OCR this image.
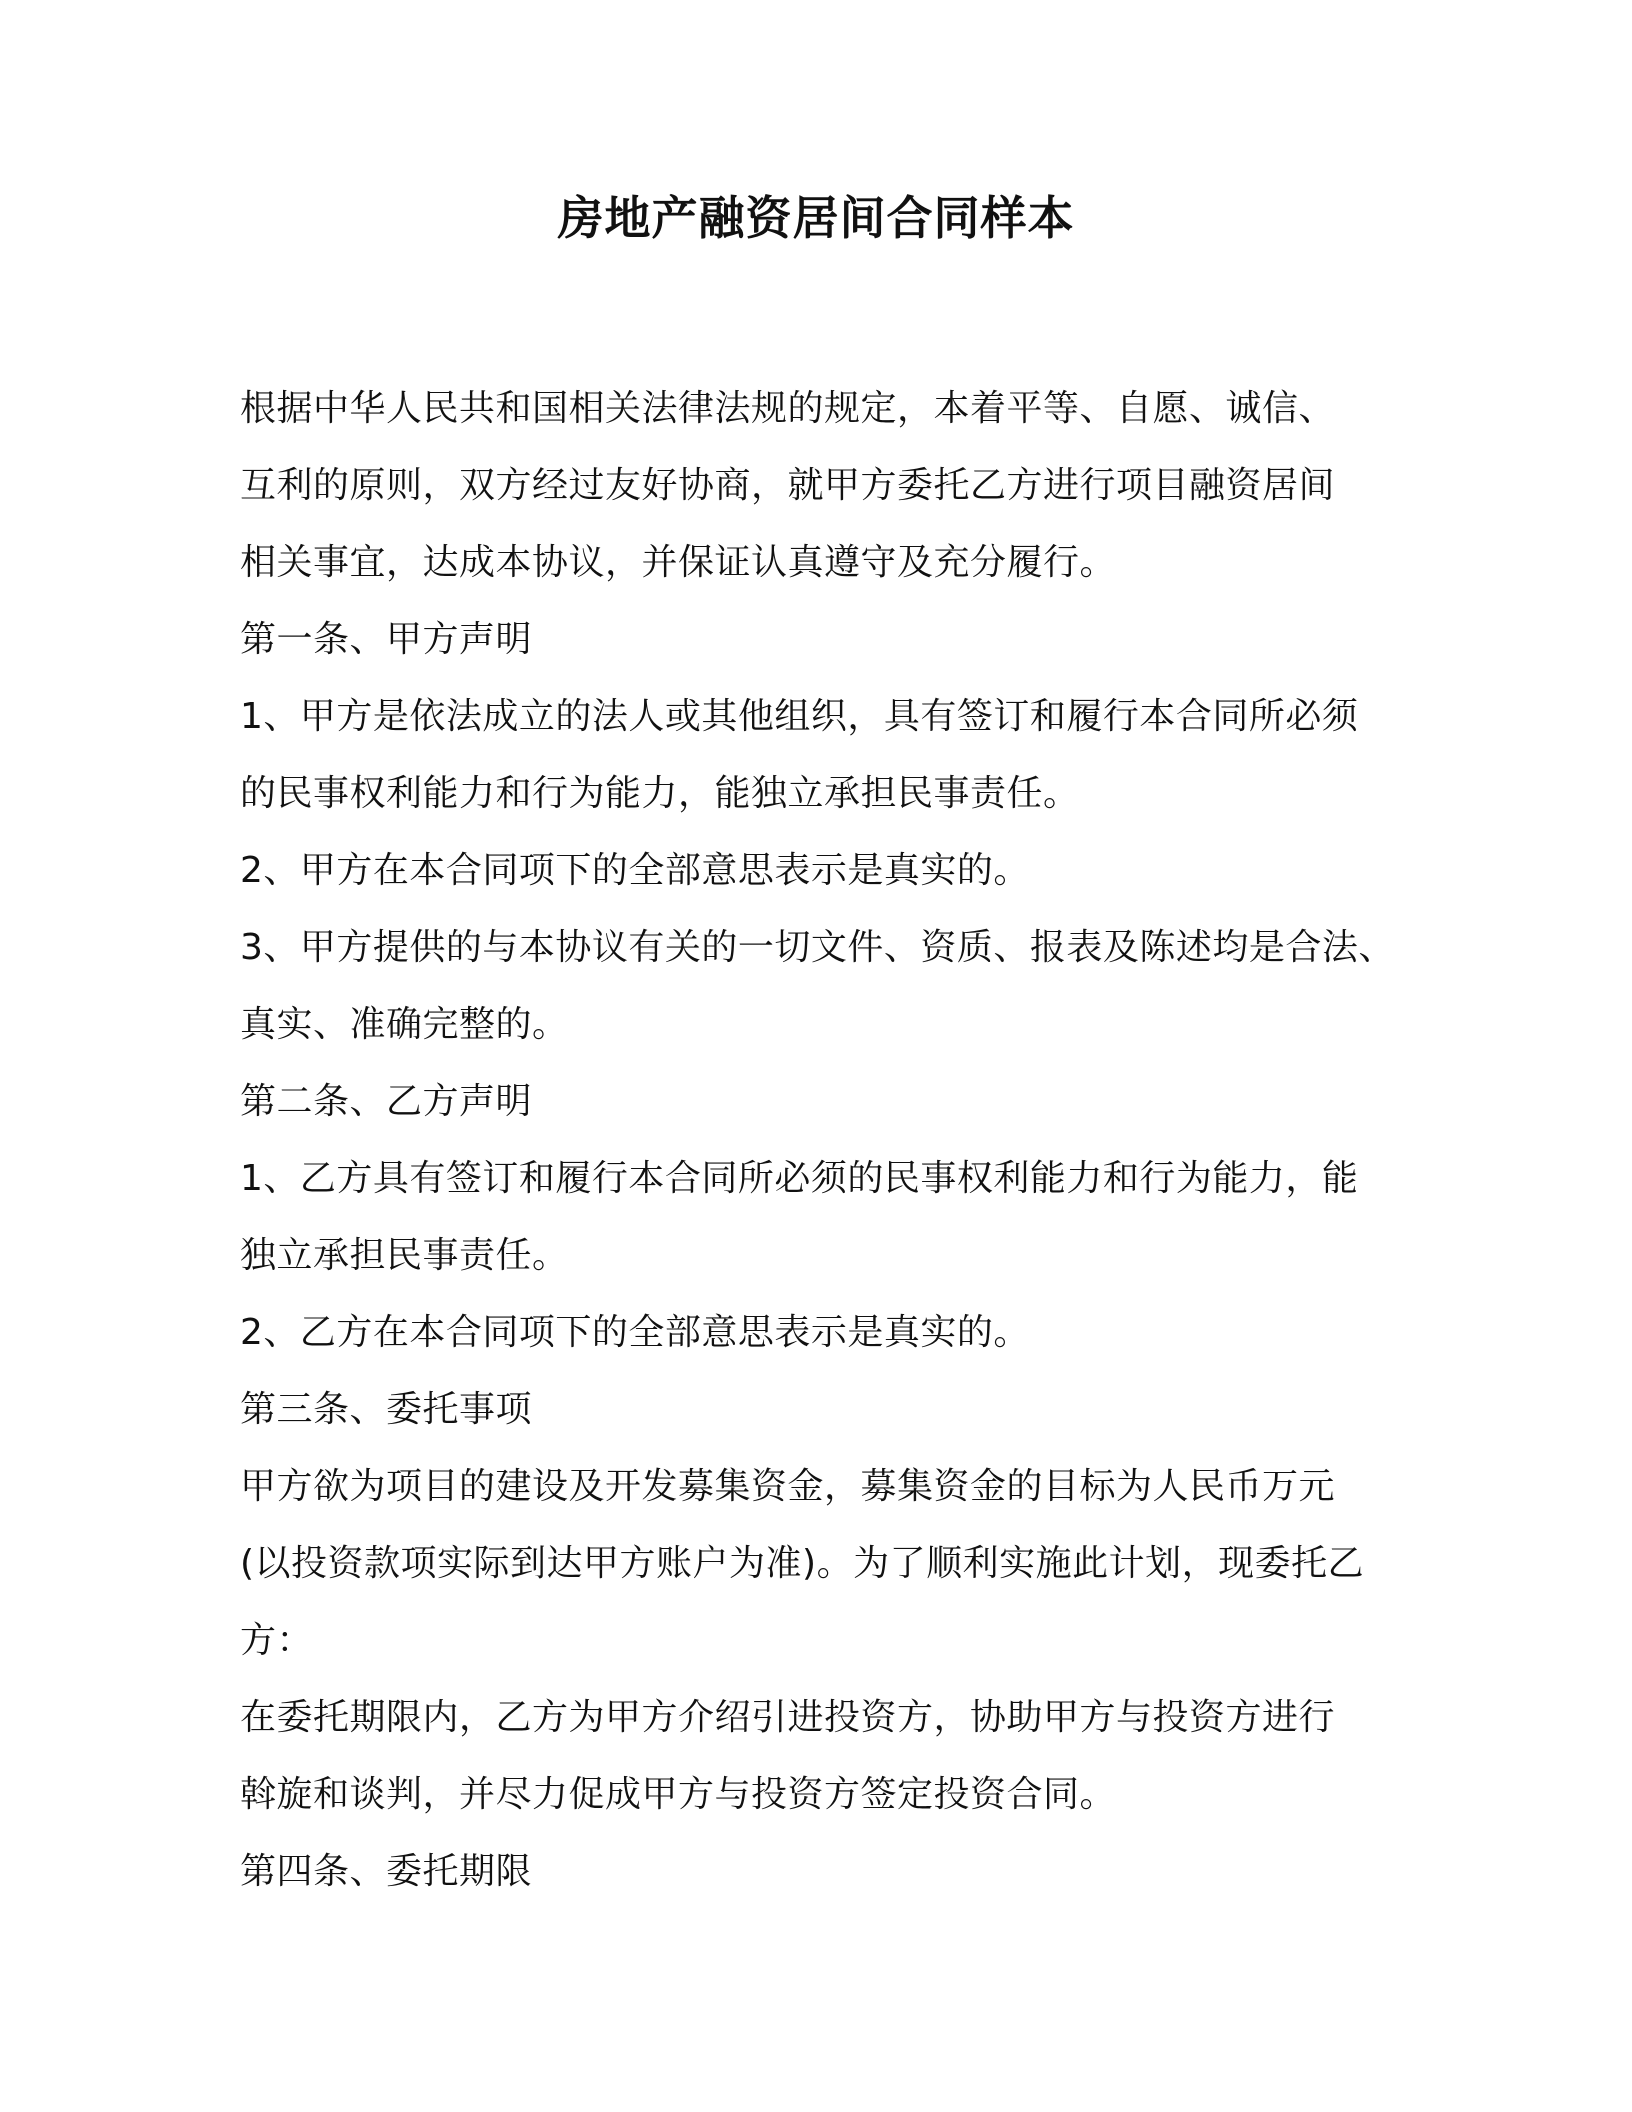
房地产融资居间合同样本
根据中华人民共和国相关法律法规的规定，本着平等、自愿、诚信、
互利的原则，双方经过友好协商，就甲方委托乙方进行项目融资居间
相关事宜，达成本协议，并保证认真遵守及充分履行。
第一条、甲方声明
1、甲方是依法成立的法人或其他组织，具有签订和履行本合同所必须
的民事权利能力和行为能力，能独立承担民事责任。
2、甲方在本合同项下的全部意思表示是真实的。
3、甲方提供的与本协议有关的一切文件、资质、报表及陈述均是合法、
真实、准确完整的。
第二条、乙方声明
1、乙方具有签订和履行本合同所必须的民事权利能力和行为能力，能
独立承担民事责任。
2、乙方在本合同项下的全部意思表示是真实的。
第三条、委托事项
甲方欲为项目的建设及开发募集资金，募集资金的目标为人民币万元
(以投资款项实际到达甲方账户为准)。为了顺利实施此计划，现委托乙
方：
在委托期限内，乙方为甲方介绍引进投资方，协助甲方与投资方进行
斡旋和谈判，并尽力促成甲方与投资方签定投资合同。
第四条、委托期限
